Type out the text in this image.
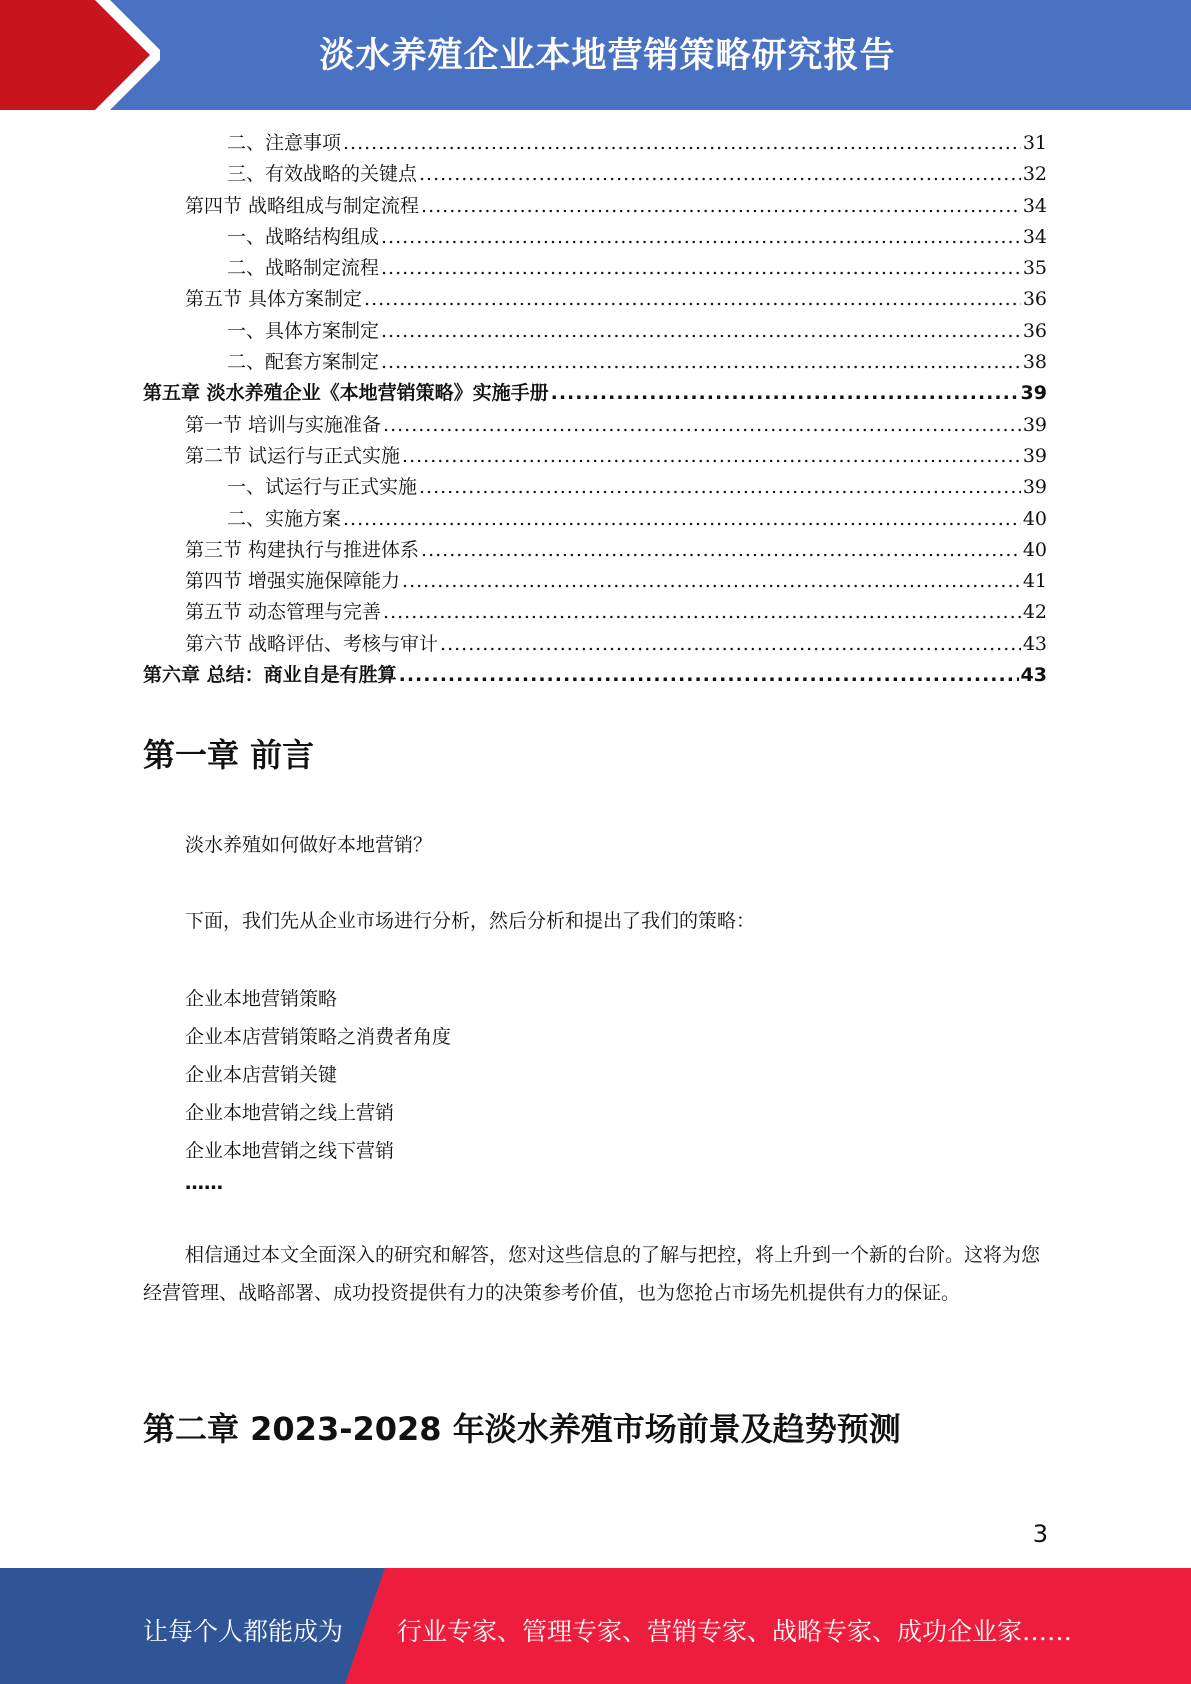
淡水养殖企业本地营销策略研究报告
二、注意事项 .....	31
三、有效战略的关键点 .....	32
第四节 战略组成与制定流程 .....	34
一、战略结构组成 .....	34
二、战略制定流程 .....	35
第五节 具体方案制定 .....	36
一、具体方案制定 .....	36
二、配套方案制定 .....	38
第五章 淡水养殖企业《本地营销策略》实施手册 .....	39
第一节 培训与实施准备 .....	39
第二节 试运行与正式实施 .....	39
一、试运行与正式实施 .....	39
二、实施方案 .....	40
第三节 构建执行与推进体系 .....	40
第四节 增强实施保障能力 .....	41
第五节 动态管理与完善 .....	42
第六节 战略评估、考核与审计 .....	43
第六章 总结：商业自是有胜算 .....	43
第一章 前言

淡水养殖如何做好本地营销？

下面，我们先从企业市场进行分析，然后分析和提出了我们的策略：

企业本地营销策略
企业本店营销策略之消费者角度
企业本店营销关键
企业本地营销之线上营销
企业本地营销之线下营销
……

相信通过本文全面深入的研究和解答，您对这些信息的了解与把控，将上升到一个新的台阶。这将为您经营管理、战略部署、成功投资提供有力的决策参考价值，也为您抢占市场先机提供有力的保证。

第二章 2023-2028 年淡水养殖市场前景及趋势预测
3
让每个人都能成为 行业专家、管理专家、营销专家、战略专家、成功企业家……
